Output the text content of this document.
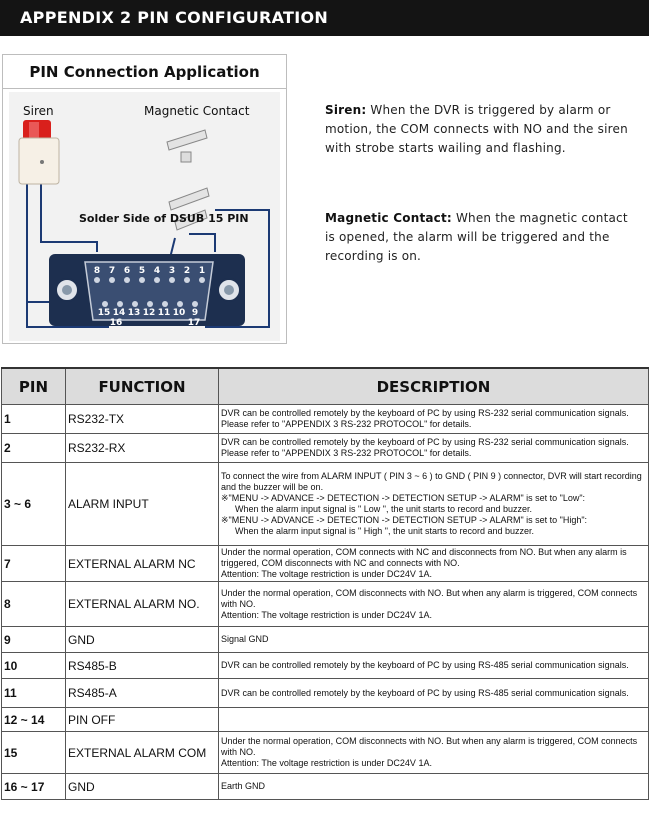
APPENDIX 2 PIN CONFIGURATION
PIN Connection Application
Siren	Magnetic Contact
Solder Side of DSUB 15 PIN
8 7 6 5 4 3 2 1
15 14 13 12 11 10 9
16	17
Siren: When the DVR is triggered by alarm or motion, the COM connects with NO and the siren with strobe starts wailing and flashing.
Magnetic Contact: When the magnetic contact is opened, the alarm will be triggered and the recording is on.
PIN	FUNCTION	DESCRIPTION
1	RS232-TX	DVR can be controlled remotely by the keyboard of PC by using RS-232 serial communication signals. Please refer to "APPENDIX 3 RS-232 PROTOCOL" for details.

2	RS232-RX	DVR can be controlled remotely by the keyboard of PC by using RS-232 serial communication signals. Please refer to "APPENDIX 3 RS-232 PROTOCOL" for details.

3 ~ 6	ALARM INPUT	To connect the wire from ALARM INPUT ( PIN 3 ~ 6 ) to GND ( PIN 9 ) connector, DVR will start recording and the buzzer will be on.
※"MENU -> ADVANCE -> DETECTION -> DETECTION SETUP -> ALARM" is set to "Low":
When the alarm input signal is " Low ", the unit starts to record and buzzer.
※"MENU -> ADVANCE -> DETECTION -> DETECTION SETUP -> ALARM" is set to "High":
When the alarm input signal is " High ", the unit starts to record and buzzer.

7	EXTERNAL ALARM NC	Under the normal operation, COM connects with NC and disconnects from NO. But when any alarm is triggered, COM disconnects with NC and connects with NO.
Attention: The voltage restriction is under DC24V 1A.

8	EXTERNAL ALARM NO.	Under the normal operation, COM disconnects with NO. But when any alarm is triggered, COM connects with NO.
Attention: The voltage restriction is under DC24V 1A.

9	GND	Signal GND

10	RS485-B	DVR can be controlled remotely by the keyboard of PC by using RS-485 serial communication signals.

11	RS485-A	DVR can be controlled remotely by the keyboard of PC by using RS-485 serial communication signals.

12 ~ 14	PIN OFF	

15	EXTERNAL ALARM COM	Under the normal operation, COM disconnects with NO. But when any alarm is triggered, COM connects with NO.
Attention: The voltage restriction is under DC24V 1A.

16 ~ 17	GND	Earth GND
